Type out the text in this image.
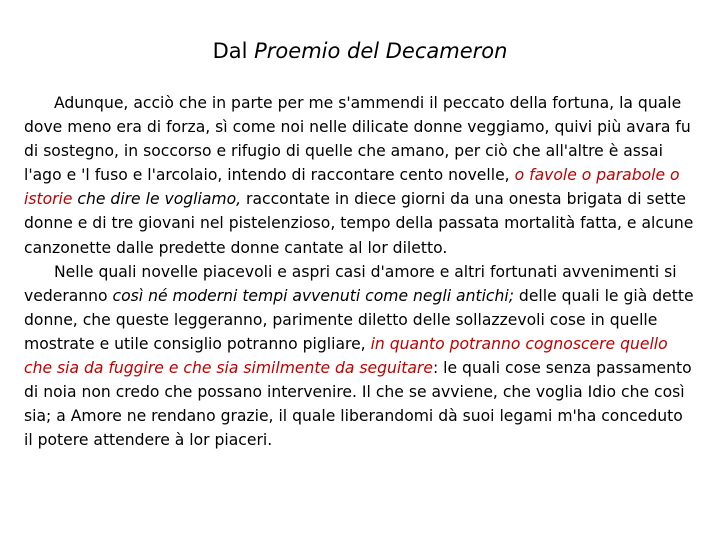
Dal Proemio del Decameron

Adunque, acciò che in parte per me s'ammendi il peccato della fortuna, la quale dove meno era di forza, sì come noi nelle dilicate donne veggiamo, quivi più avara fu di sostegno, in soccorso e rifugio di quelle che amano, per ciò che all'altre è assai l'ago e 'l fuso e l'arcolaio, intendo di raccontare cento novelle, o favole o parabole o istorie che dire le vogliamo, raccontate in diece giorni da una onesta brigata di sette donne e di tre giovani nel pistelenzioso, tempo della passata mortalità fatta, e alcune canzonette dalle predette donne cantate al lor diletto.

Nelle quali novelle piacevoli e aspri casi d'amore e altri fortunati avvenimenti si vederanno così né moderni tempi avvenuti come negli antichi; delle quali le già dette donne, che queste leggeranno, parimente diletto delle sollazzevoli cose in quelle mostrate e utile consiglio potranno pigliare, in quanto potranno cognoscere quello che sia da fuggire e che sia similmente da seguitare: le quali cose senza passamento di noia non credo che possano intervenire. Il che se avviene, che voglia Idio che così sia; a Amore ne rendano grazie, il quale liberandomi dà suoi legami m'ha conceduto il potere attendere à lor piaceri.
